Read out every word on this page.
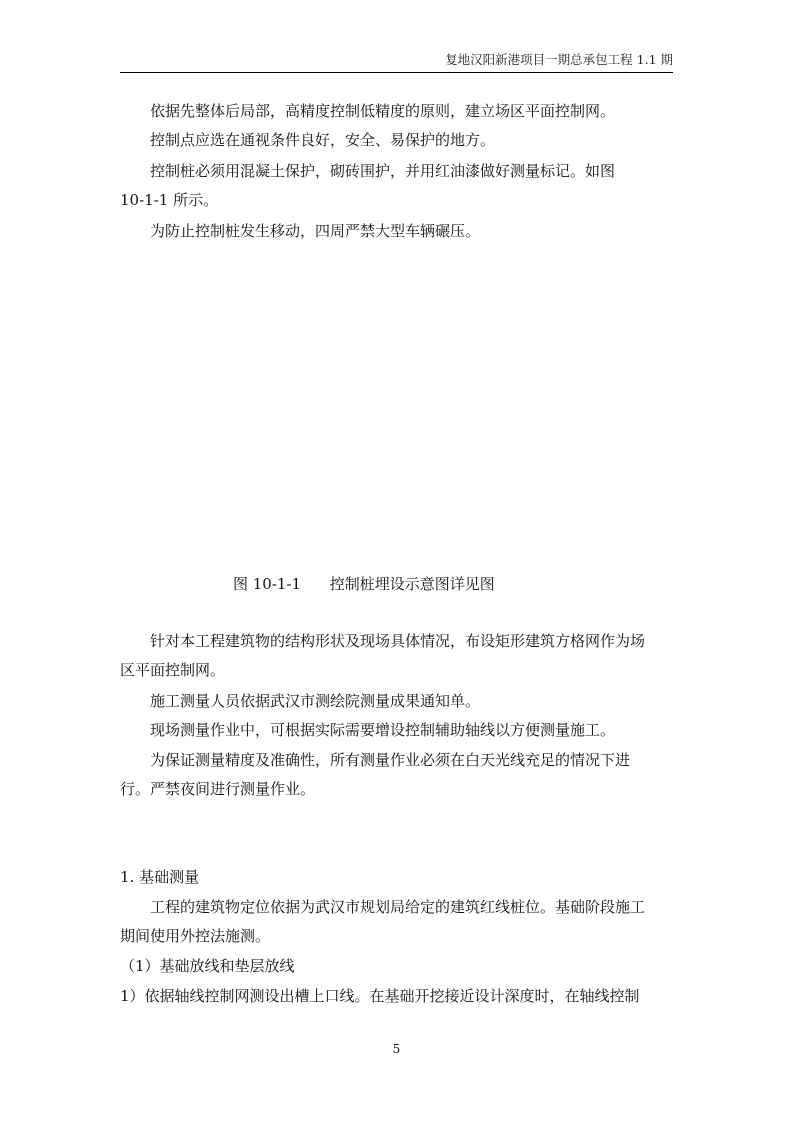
复地汉阳新港项目一期总承包工程 1.1 期
依据先整体后局部，高精度控制低精度的原则，建立场区平面控制网。
控制点应选在通视条件良好，安全、易保护的地方。
控制桩必须用混凝土保护，砌砖围护，并用红油漆做好测量标记。如图
10-1-1 所示。
为防止控制桩发生移动，四周严禁大型车辆碾压。
图 10-1-1 控制桩埋设示意图详见图
针对本工程建筑物的结构形状及现场具体情况，布设矩形建筑方格网作为场
区平面控制网。
施工测量人员依据武汉市测绘院测量成果通知单。
现场测量作业中，可根据实际需要增设控制辅助轴线以方便测量施工。
为保证测量精度及准确性，所有测量作业必须在白天光线充足的情况下进
行。严禁夜间进行测量作业。
1. 基础测量
工程的建筑物定位依据为武汉市规划局给定的建筑红线桩位。基础阶段施工
期间使用外控法施测。
（1）基础放线和垫层放线
1）依据轴线控制网测设出槽上口线。在基础开挖接近设计深度时，在轴线控制
5
